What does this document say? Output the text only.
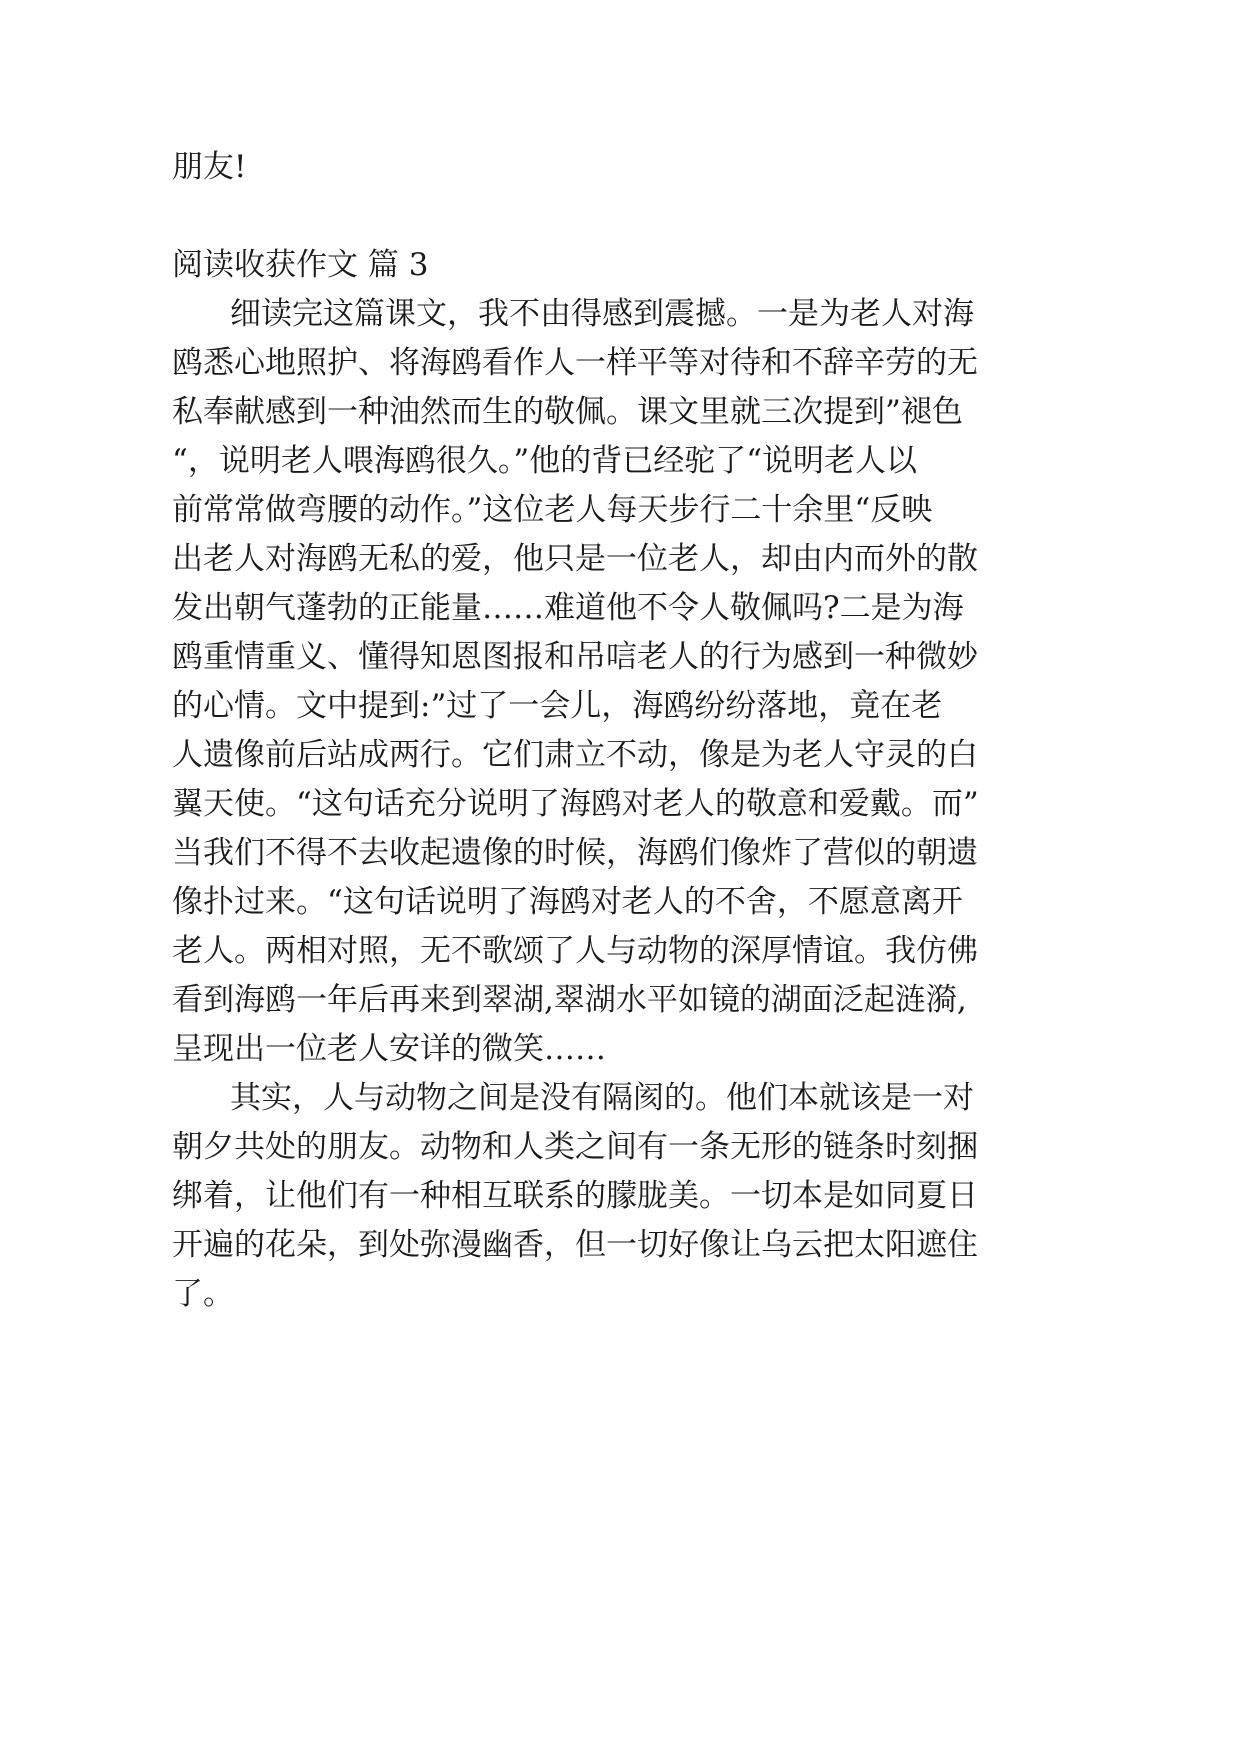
朋友!
阅读收获作文 篇 3
细读完这篇课文，我不由得感到震撼。一是为老人对海
鸥悉心地照护、将海鸥看作人一样平等对待和不辞辛劳的无
私奉献感到一种油然而生的敬佩。课文里就三次提到”褪色
“，说明老人喂海鸥很久。”他的背已经驼了“说明老人以
前常常做弯腰的动作。”这位老人每天步行二十余里“反映
出老人对海鸥无私的爱，他只是一位老人，却由内而外的散
发出朝气蓬勃的正能量……难道他不令人敬佩吗?二是为海
鸥重情重义、懂得知恩图报和吊唁老人的行为感到一种微妙
的心情。文中提到:”过了一会儿，海鸥纷纷落地，竟在老
人遗像前后站成两行。它们肃立不动，像是为老人守灵的白
翼天使。“这句话充分说明了海鸥对老人的敬意和爱戴。而”
当我们不得不去收起遗像的时候，海鸥们像炸了营似的朝遗
像扑过来。“这句话说明了海鸥对老人的不舍，不愿意离开
老人。两相对照，无不歌颂了人与动物的深厚情谊。我仿佛
看到海鸥一年后再来到翠湖,翠湖水平如镜的湖面泛起涟漪,
呈现出一位老人安详的微笑……
其实，人与动物之间是没有隔阂的。他们本就该是一对
朝夕共处的朋友。动物和人类之间有一条无形的链条时刻捆
绑着，让他们有一种相互联系的朦胧美。一切本是如同夏日
开遍的花朵，到处弥漫幽香，但一切好像让乌云把太阳遮住
了。
